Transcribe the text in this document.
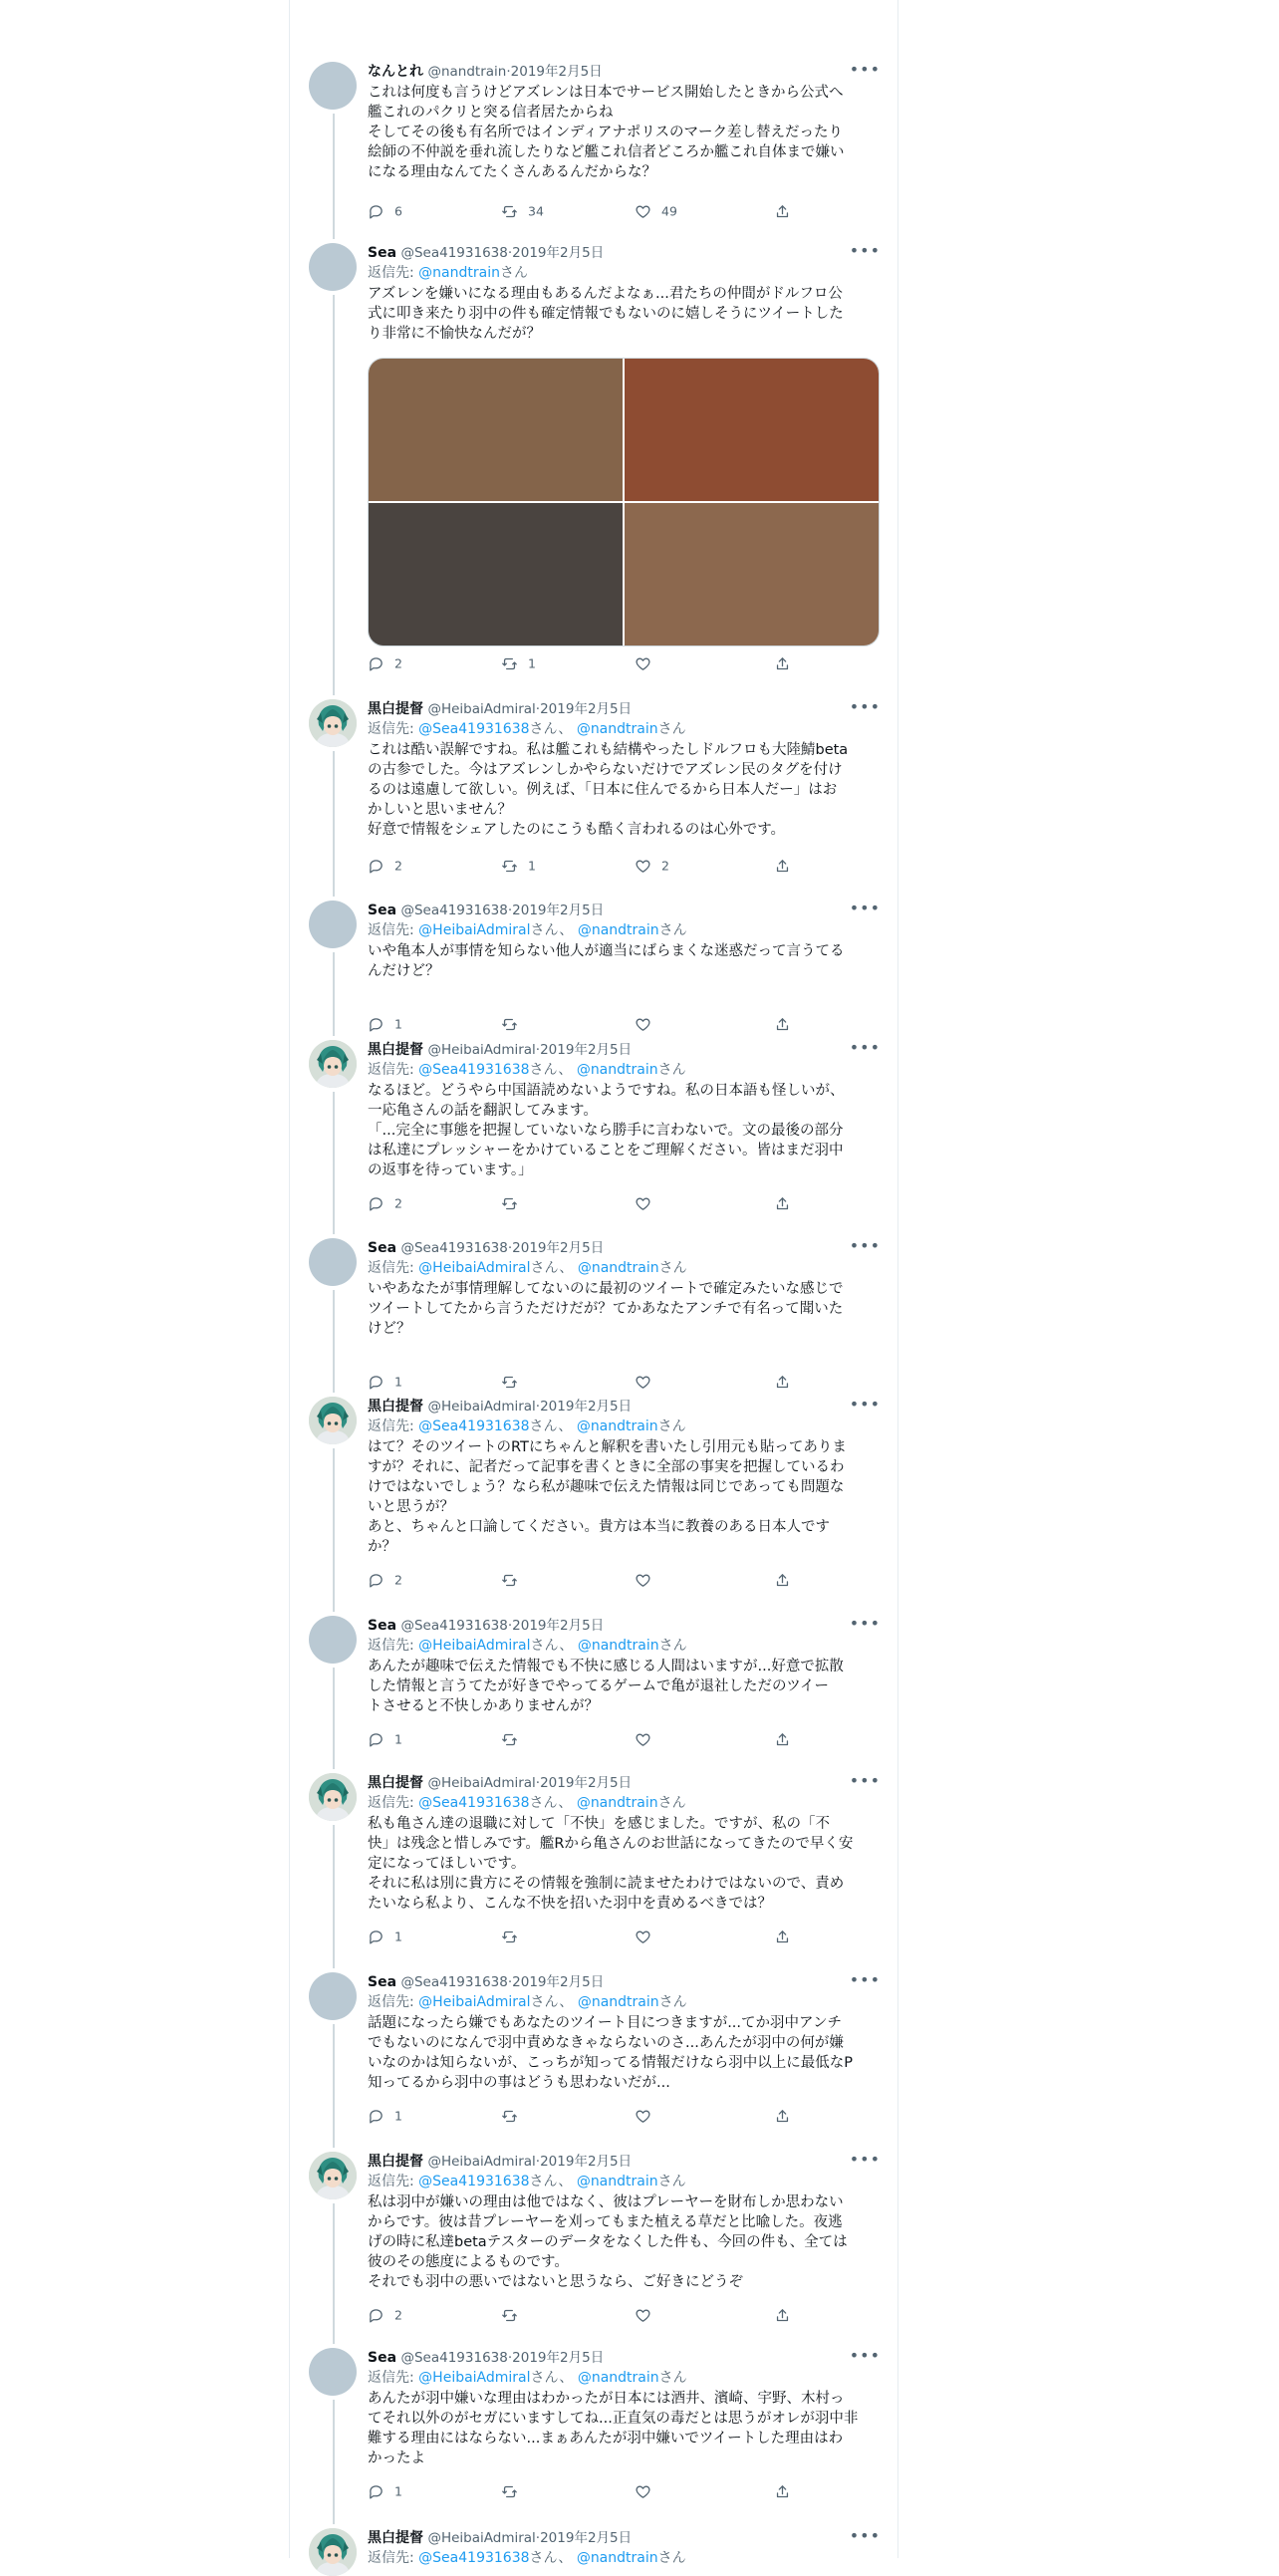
なんとれ @nandtrain·2019年2月5日	•••
これは何度も言うけどアズレンは日本でサービス開始したときから公式へ
艦これのパクリと突る信者居たからね
そしてその後も有名所ではインディアナポリスのマーク差し替えだったり
絵師の不仲説を垂れ流したりなど艦これ信者どころか艦これ自体まで嫌い
になる理由なんてたくさんあるんだからな？
6	34	49
Sea @Sea41931638·2019年2月5日	•••
返信先: @nandtrainさん
アズレンを嫌いになる理由もあるんだよなぁ...君たちの仲間がドルフロ公
式に叩き来たり羽中の件も確定情報でもないのに嬉しそうにツイートした
り非常に不愉快なんだが？
2	1
黒白提督 @HeibaiAdmiral·2019年2月5日	•••
返信先: @Sea41931638さん、 @nandtrainさん
これは酷い誤解ですね。私は艦これも結構やったしドルフロも大陸鯖beta
の古参でした。今はアズレンしかやらないだけでアズレン民のタグを付け
るのは遠慮して欲しい。例えば、「日本に住んでるから日本人だー」はお
かしいと思いません？
好意で情報をシェアしたのにこうも酷く言われるのは心外です。
2	1	2
Sea @Sea41931638·2019年2月5日	•••
返信先: @HeibaiAdmiralさん、 @nandtrainさん
いや亀本人が事情を知らない他人が適当にばらまくな迷惑だって言うてる
んだけど？
1
黒白提督 @HeibaiAdmiral·2019年2月5日	•••
返信先: @Sea41931638さん、 @nandtrainさん
なるほど。どうやら中国語読めないようですね。私の日本語も怪しいが、
一応亀さんの話を翻訳してみます。
「...完全に事態を把握していないなら勝手に言わないで。文の最後の部分
は私達にプレッシャーをかけていることをご理解ください。皆はまだ羽中
の返事を待っています。」
2
Sea @Sea41931638·2019年2月5日	•••
返信先: @HeibaiAdmiralさん、 @nandtrainさん
いやあなたが事情理解してないのに最初のツイートで確定みたいな感じで
ツイートしてたから言うただけだが？てかあなたアンチで有名って聞いた
けど？
1
黒白提督 @HeibaiAdmiral·2019年2月5日	•••
返信先: @Sea41931638さん、 @nandtrainさん
はて？そのツイートのRTにちゃんと解釈を書いたし引用元も貼ってありま
すが？それに、記者だって記事を書くときに全部の事実を把握しているわ
けではないでしょう？なら私が趣味で伝えた情報は同じであっても問題な
いと思うが？
あと、ちゃんと口論してください。貴方は本当に教養のある日本人です
か？
2
Sea @Sea41931638·2019年2月5日	•••
返信先: @HeibaiAdmiralさん、 @nandtrainさん
あんたが趣味で伝えた情報でも不快に感じる人間はいますが...好意で拡散
した情報と言うてたが好きでやってるゲームで亀が退社しただのツイー
トさせると不快しかありませんが？
1
黒白提督 @HeibaiAdmiral·2019年2月5日	•••
返信先: @Sea41931638さん、 @nandtrainさん
私も亀さん達の退職に対して「不快」を感じました。ですが、私の「不
快」は残念と惜しみです。艦Rから亀さんのお世話になってきたので早く安
定になってほしいです。
それに私は別に貴方にその情報を強制に読ませたわけではないので、責め
たいなら私より、こんな不快を招いた羽中を責めるべきでは？
1
Sea @Sea41931638·2019年2月5日	•••
返信先: @HeibaiAdmiralさん、 @nandtrainさん
話題になったら嫌でもあなたのツイート目につきますが...てか羽中アンチ
でもないのになんで羽中責めなきゃならないのさ...あんたが羽中の何が嫌
いなのかは知らないが、こっちが知ってる情報だけなら羽中以上に最低なP
知ってるから羽中の事はどうも思わないだが...
1
黒白提督 @HeibaiAdmiral·2019年2月5日	•••
返信先: @Sea41931638さん、 @nandtrainさん
私は羽中が嫌いの理由は他ではなく、彼はプレーヤーを財布しか思わない
からです。彼は昔プレーヤーを刈ってもまた植える草だと比喩した。夜逃
げの時に私達betaテスターのデータをなくした件も、今回の件も、全ては
彼のその態度によるものです。
それでも羽中の悪いではないと思うなら、ご好きにどうぞ
2
Sea @Sea41931638·2019年2月5日	•••
返信先: @HeibaiAdmiralさん、 @nandtrainさん
あんたが羽中嫌いな理由はわかったが日本には酒井、濱崎、宇野、木村っ
てそれ以外のがセガにいますしてね...正直気の毒だとは思うがオレが羽中非
難する理由にはならない...まぁあんたが羽中嫌いでツイートした理由はわ
かったよ
1
黒白提督 @HeibaiAdmiral·2019年2月5日	•••
返信先: @Sea41931638さん、 @nandtrainさん
